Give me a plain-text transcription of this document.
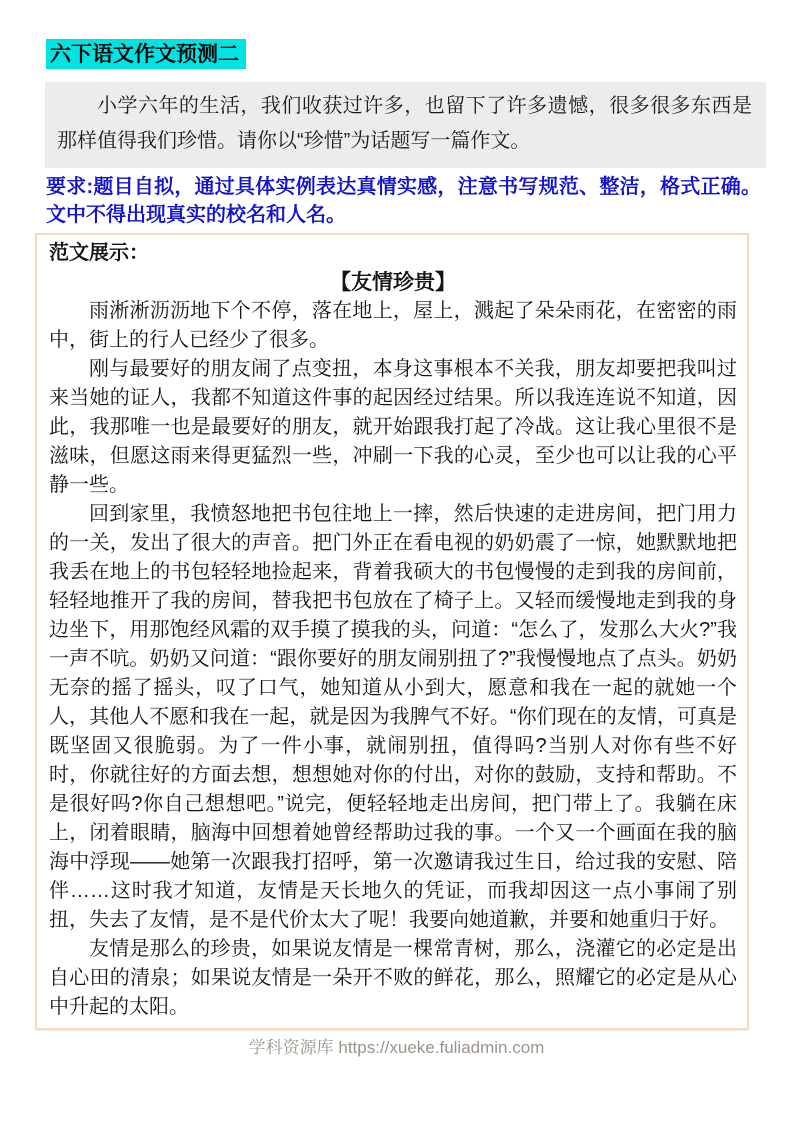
六下语文作文预测二
小学六年的生活，我们收获过许多，也留下了许多遗憾，很多很多东西是那样值得我们珍惜。请你以“珍惜”为话题写一篇作文。
要求:题目自拟，通过具体实例表达真情实感，注意书写规范、整洁，格式正确。文中不得出现真实的校名和人名。
范文展示：
【友情珍贵】

雨淅淅沥沥地下个不停，落在地上，屋上，溅起了朵朵雨花，在密密的雨中，街上的行人已经少了很多。

刚与最要好的朋友闹了点变扭，本身这事根本不关我，朋友却要把我叫过来当她的证人，我都不知道这件事的起因经过结果。所以我连连说不知道，因此，我那唯一也是最要好的朋友，就开始跟我打起了冷战。这让我心里很不是滋味，但愿这雨来得更猛烈一些，冲刷一下我的心灵，至少也可以让我的心平静一些。

回到家里，我愤怒地把书包往地上一摔，然后快速的走进房间，把门用力的一关，发出了很大的声音。把门外正在看电视的奶奶震了一惊，她默默地把我丢在地上的书包轻轻地捡起来，背着我硕大的书包慢慢的走到我的房间前，轻轻地推开了我的房间，替我把书包放在了椅子上。又轻而缓慢地走到我的身边坐下，用那饱经风霜的双手摸了摸我的头，问道：“怎么了，发那么大火?”我一声不吭。奶奶又问道：“跟你要好的朋友闹别扭了?”我慢慢地点了点头。奶奶无奈的摇了摇头，叹了口气，她知道从小到大，愿意和我在一起的就她一个人，其他人不愿和我在一起，就是因为我脾气不好。“你们现在的友情，可真是既坚固又很脆弱。为了一件小事，就闹别扭，值得吗?当别人对你有些不好时，你就往好的方面去想，想想她对你的付出，对你的鼓励，支持和帮助。不是很好吗?你自己想想吧。”说完，便轻轻地走出房间，把门带上了。我躺在床上，闭着眼睛，脑海中回想着她曾经帮助过我的事。一个又一个画面在我的脑海中浮现——她第一次跟我打招呼，第一次邀请我过生日，给过我的安慰、陪伴……这时我才知道，友情是天长地久的凭证，而我却因这一点小事闹了别扭，失去了友情，是不是代价太大了呢！我要向她道歉，并要和她重归于好。

友情是那么的珍贵，如果说友情是一棵常青树，那么，浇灌它的必定是出自心田的清泉；如果说友情是一朵开不败的鲜花，那么，照耀它的必定是从心中升起的太阳。

学科资源库 https://xueke.fuliadmin.com
